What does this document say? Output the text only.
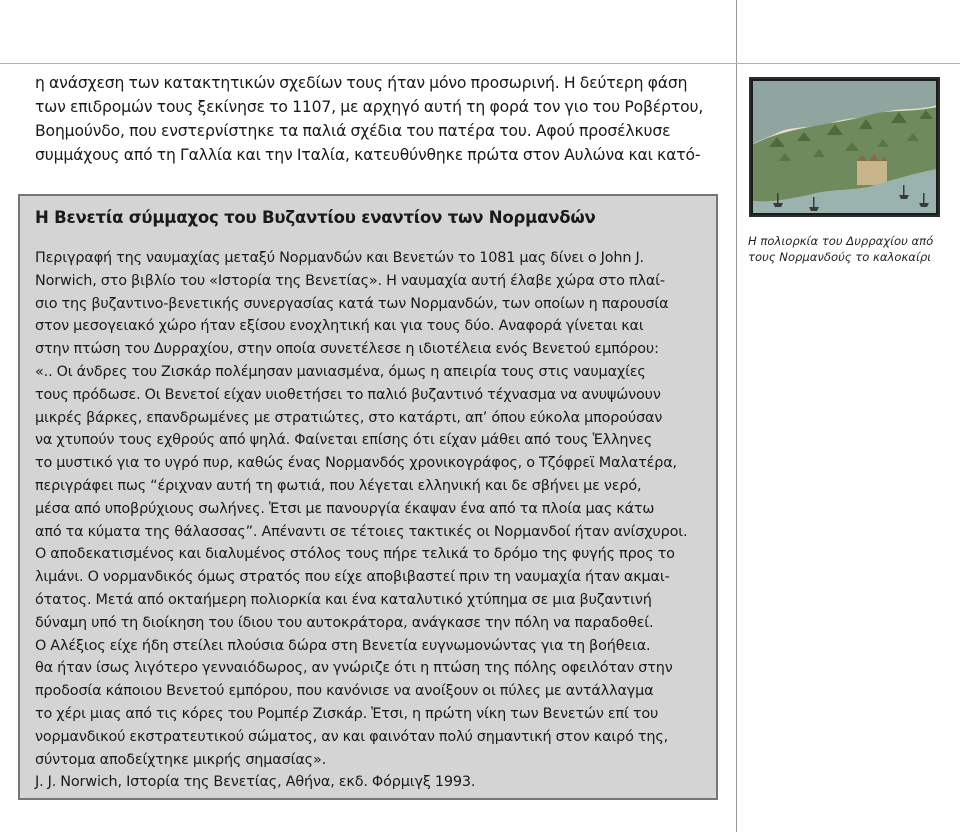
η ανάσχεση των κατακτητικών σχεδίων τους ήταν μόνο προσωρινή. Η δεύτερη φάση
των επιδρομών τους ξεκίνησε το 1107, με αρχηγό αυτή τη φορά τον γιο του Ροβέρτου,
Βοημούνδο, που ενστερνίστηκε τα παλιά σχέδια του πατέρα του. Αφού προσέλκυσε
συμμάχους από τη Γαλλία και την Ιταλία, κατευθύνθηκε πρώτα στον Αυλώνα και κατό-
Η Βενετία σύμμαχος του Βυζαντίου εναντίον των Νορμανδών
Περιγραφή της ναυμαχίας μεταξύ Νορμανδών και Βενετών το 1081 μας δίνει ο John J.
Norwich, στο βιβλίο του «Ιστορία της Βενετίας». Η ναυμαχία αυτή έλαβε χώρα στο πλαί-
σιο της βυζαντινο-βενετικής συνεργασίας κατά των Νορμανδών, των οποίων η παρουσία
στον μεσογειακό χώρο ήταν εξίσου ενοχλητική και για τους δύο. Αναφορά γίνεται και
στην πτώση του Δυρραχίου, στην οποία συνετέλεσε η ιδιοτέλεια ενός Βενετού εμπόρου:
«.. Οι άνδρες του Ζισκάρ πολέμησαν μανιασμένα, όμως η απειρία τους στις ναυμαχίες
τους πρόδωσε. Οι Βενετοί είχαν υιοθετήσει το παλιό βυζαντινό τέχνασμα να ανυψώνουν
μικρές βάρκες, επανδρωμένες με στρατιώτες, στο κατάρτι, απ’ όπου εύκολα μπορούσαν
να χτυπούν τους εχθρούς από ψηλά. Φαίνεται επίσης ότι είχαν μάθει από τους Ἑλληνες
το μυστικό για το υγρό πυρ, καθώς ένας Νορμανδός χρονικογράφος, ο Τζόφρεϊ Μαλατέρα,
περιγράφει πως “έριχναν αυτή τη φωτιά, που λέγεται ελληνική και δε σβήνει με νερό,
μέσα από υποβρύχιους σωλήνες. Ἑτσι με πανουργία έκαψαν ένα από τα πλοία μας κάτω
από τα κύματα της θάλασσας”. Απέναντι σε τέτοιες τακτικές οι Νορμανδοί ήταν ανίσχυροι.
Ο αποδεκατισμένος και διαλυμένος στόλος τους πήρε τελικά το δρόμο της φυγής προς το
λιμάνι. Ο νορμανδικός όμως στρατός που είχε αποβιβαστεί πριν τη ναυμαχία ήταν ακμαι-
ότατος. Μετά από οκταήμερη πολιορκία και ένα καταλυτικό χτύπημα σε μια βυζαντινή
δύναμη υπό τη διοίκηση του ίδιου του αυτοκράτορα, ανάγκασε την πόλη να παραδοθεί.
Ο Αλέξιος είχε ήδη στείλει πλούσια δώρα στη Βενετία ευγνωμονώντας για τη βοήθεια.
θα ήταν ίσως λιγότερο γενναιόδωρος, αν γνώριζε ότι η πτώση της πόλης οφειλόταν στην
προδοσία κάποιου Βενετού εμπόρου, που κανόνισε να ανοίξουν οι πύλες με αντάλλαγμα
το χέρι μιας από τις κόρες του Ρομπέρ Ζισκάρ. Ἑτσι, η πρώτη νίκη των Βενετών επί του
νορμανδικού εκστρατευτικού σώματος, αν και φαινόταν πολύ σημαντική στον καιρό της,
σύντομα αποδείχτηκε μικρής σημασίας».
J. J. Norwich, Ιστορία της Βενετίας, Αθήνα, εκδ. Φόρμιγξ 1993.
Η πολιορκία του Δυρραχίου από τους Νορμανδούς το καλοκαίρι
